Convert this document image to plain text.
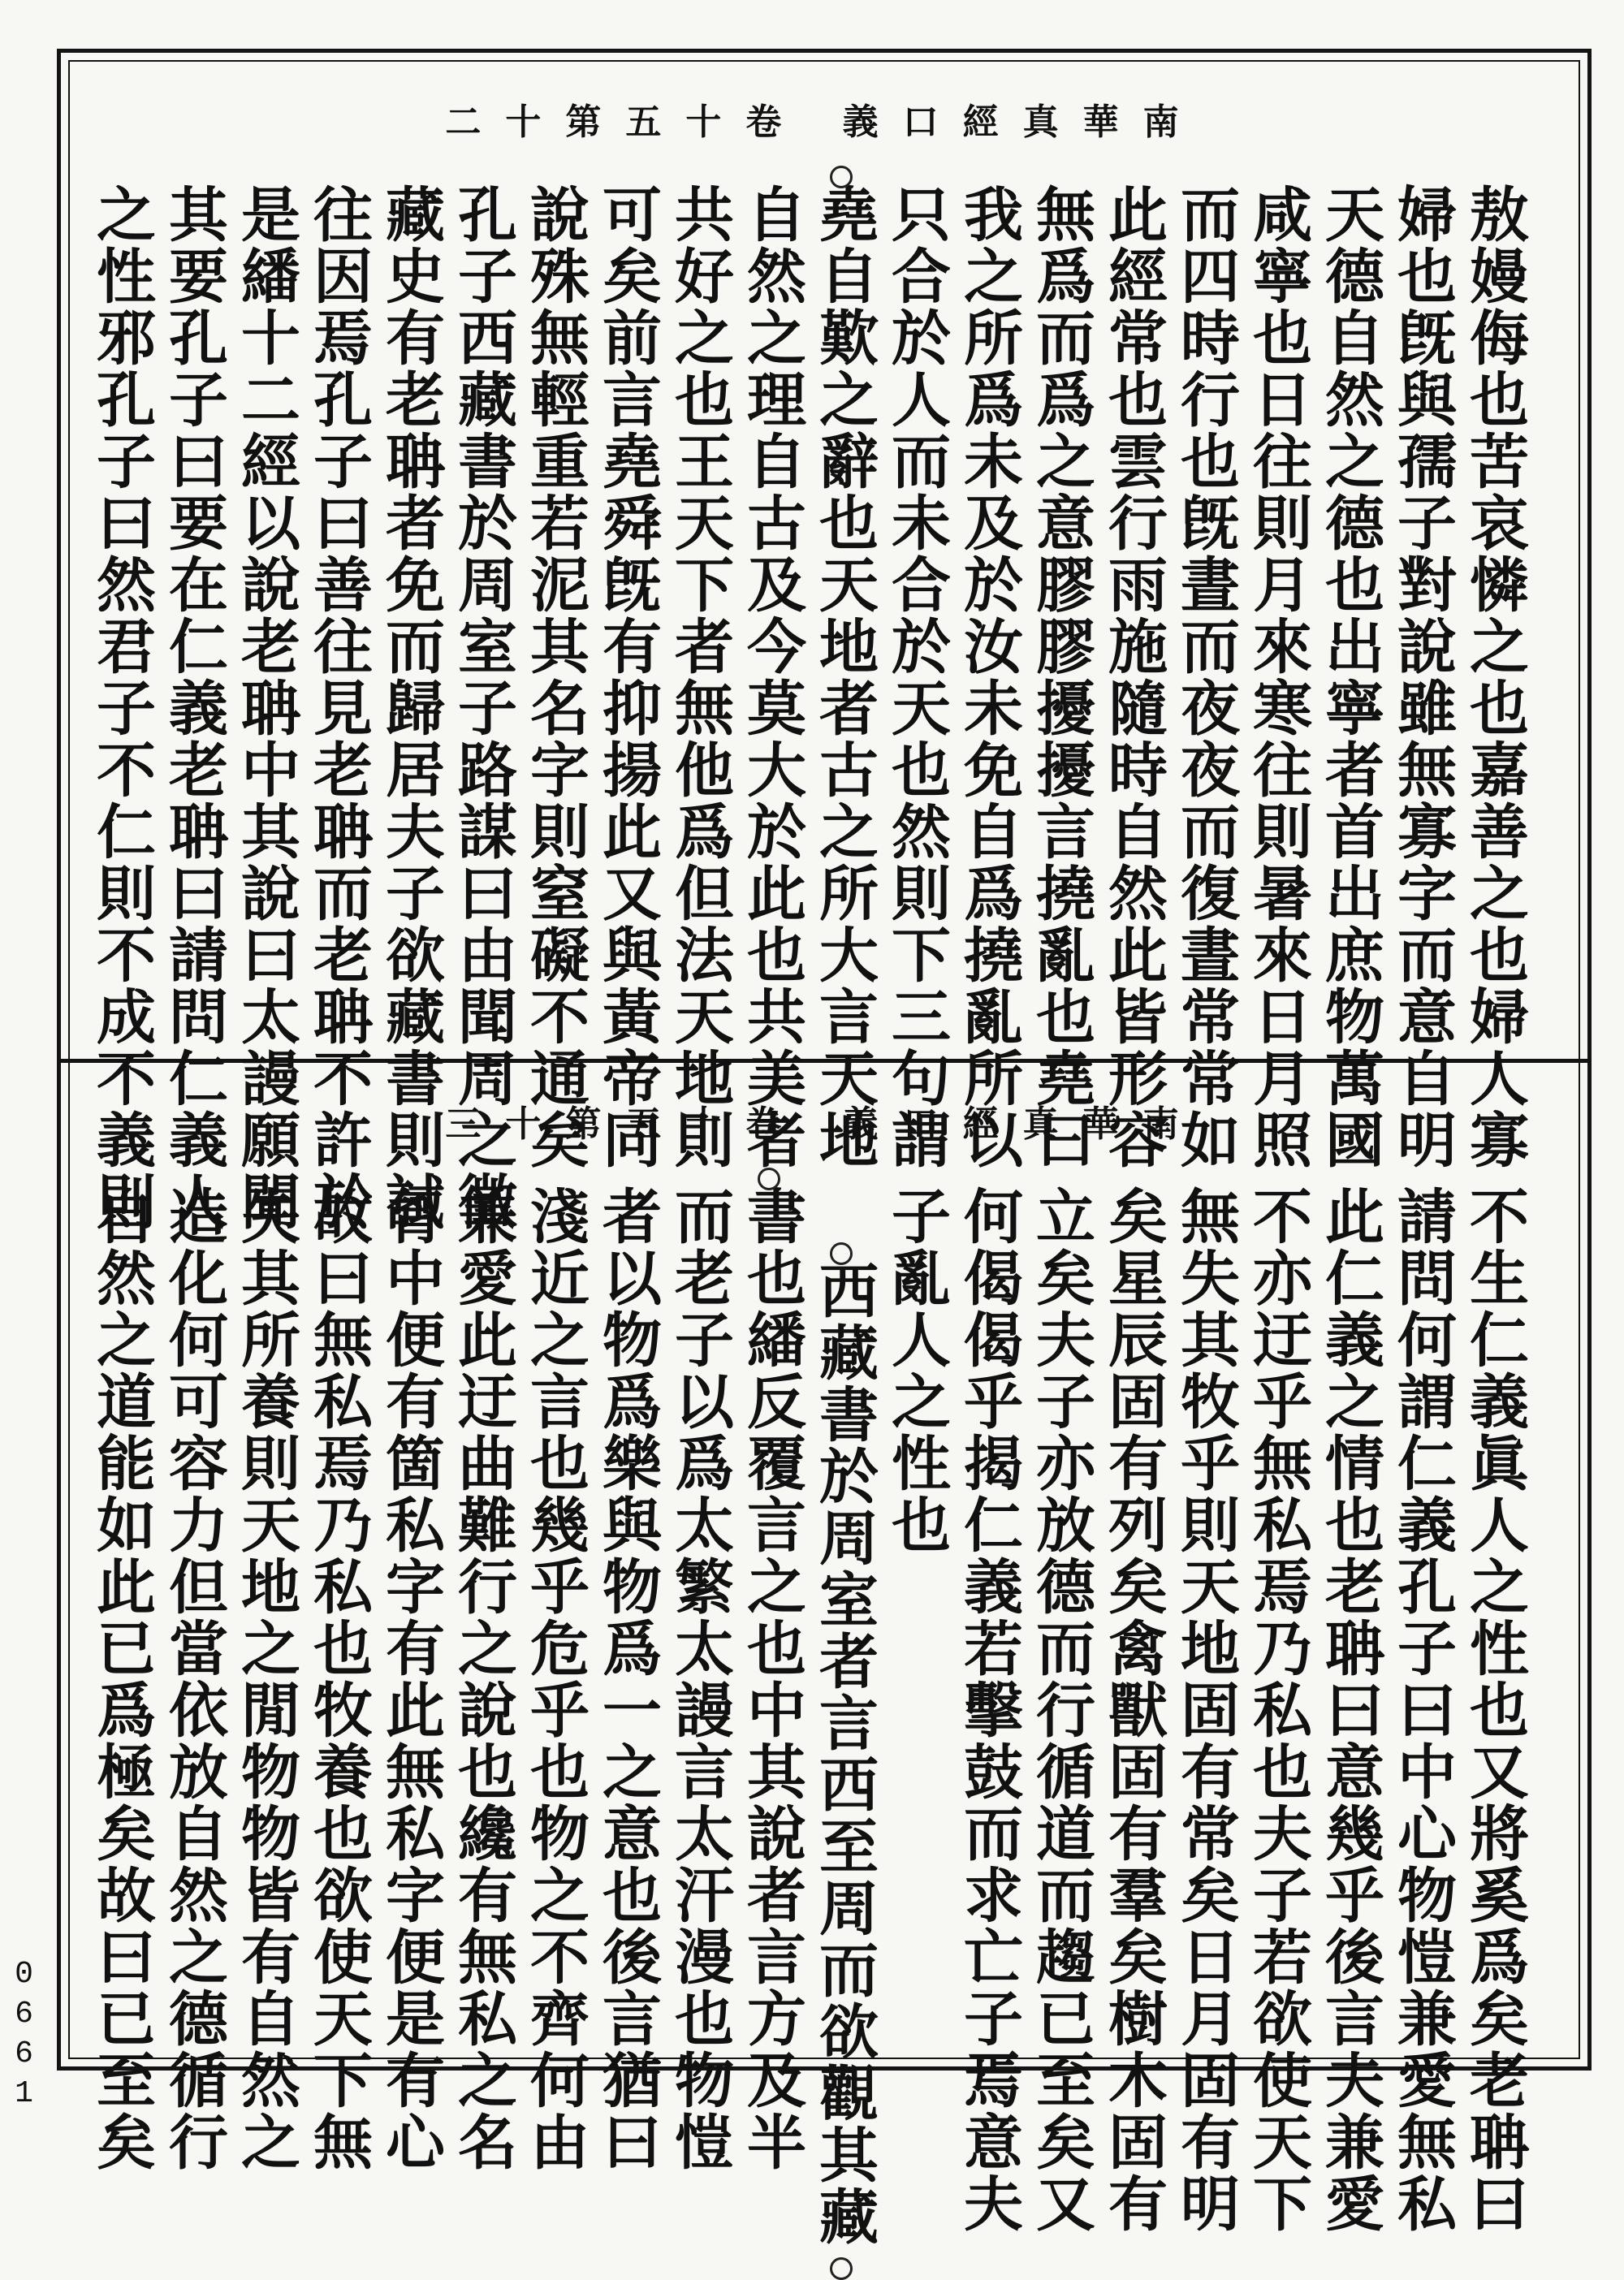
南華真經口義 卷十五第十二
敖嫚侮也苦哀憐之也嘉善之也婦人寡
婦也旣與孺子對說雖無寡字而意自明
天德自然之德也出寧者首出庶物萬國
咸寧也日往則月來寒往則暑來日月照
而四時行也旣晝而夜夜而復晝常常如
此經常也雲行雨施隨時自然此皆形容
無爲而爲之意膠膠擾擾言撓亂也堯曰
我之所爲未及於汝未免自爲撓亂所以
只合於人而未合於天也然則下三句謂
堯自歎之辭也天地者古之所大言天地
自然之理自古及今莫大於此也共美者
共好之也王天下者無他爲但法天地則
可矣前言堯舜旣有抑揚此又與黃帝同
說殊無輕重若泥其名字則窒礙不通矣
孔子西藏書於周室子路謀曰由聞周之徵
藏史有老聃者免而歸居夫子欲藏書則試
往因焉孔子曰善往見老聃而老聃不許於
是繙十二經以說老聃中其說曰太謾願聞
其要孔子曰要在仁義老聃曰請問仁義人
之性邪孔子曰然君子不仁則不成不義則	南華真經口義 卷十五第十三
不生仁義眞人之性也又將奚爲矣老聃曰
請問何謂仁義孔子曰中心物愷兼愛無私
此仁義之情也老聃曰意幾乎後言夫兼愛
不亦迂乎無私焉乃私也夫子若欲使天下
無失其牧乎則天地固有常矣日月固有明
矣星辰固有列矣禽獸固有羣矣樹木固有
立矣夫子亦放德而行循道而趨已至矣又
何偈偈乎揭仁義若擊鼓而求亡子焉意夫
子亂人之性也
西藏書於周室者言西至周而欲觀其藏
書也繙反覆言之也中其說者言方及半
而老子以爲太繁太謾言太汗漫也物愷
者以物爲樂與物爲一之意也後言猶曰
淺近之言也幾乎危乎也物之不齊何由
兼愛此迂曲難行之說也纔有無私之名
胷中便有箇私字有此無私字便是有心
故曰無私焉乃私也牧養也欲使天下無
失其所養則天地之閒物物皆有自然之
造化何可容力但當依放自然之德循行
自然之道能如此已爲極矣故曰已至矣
0661
